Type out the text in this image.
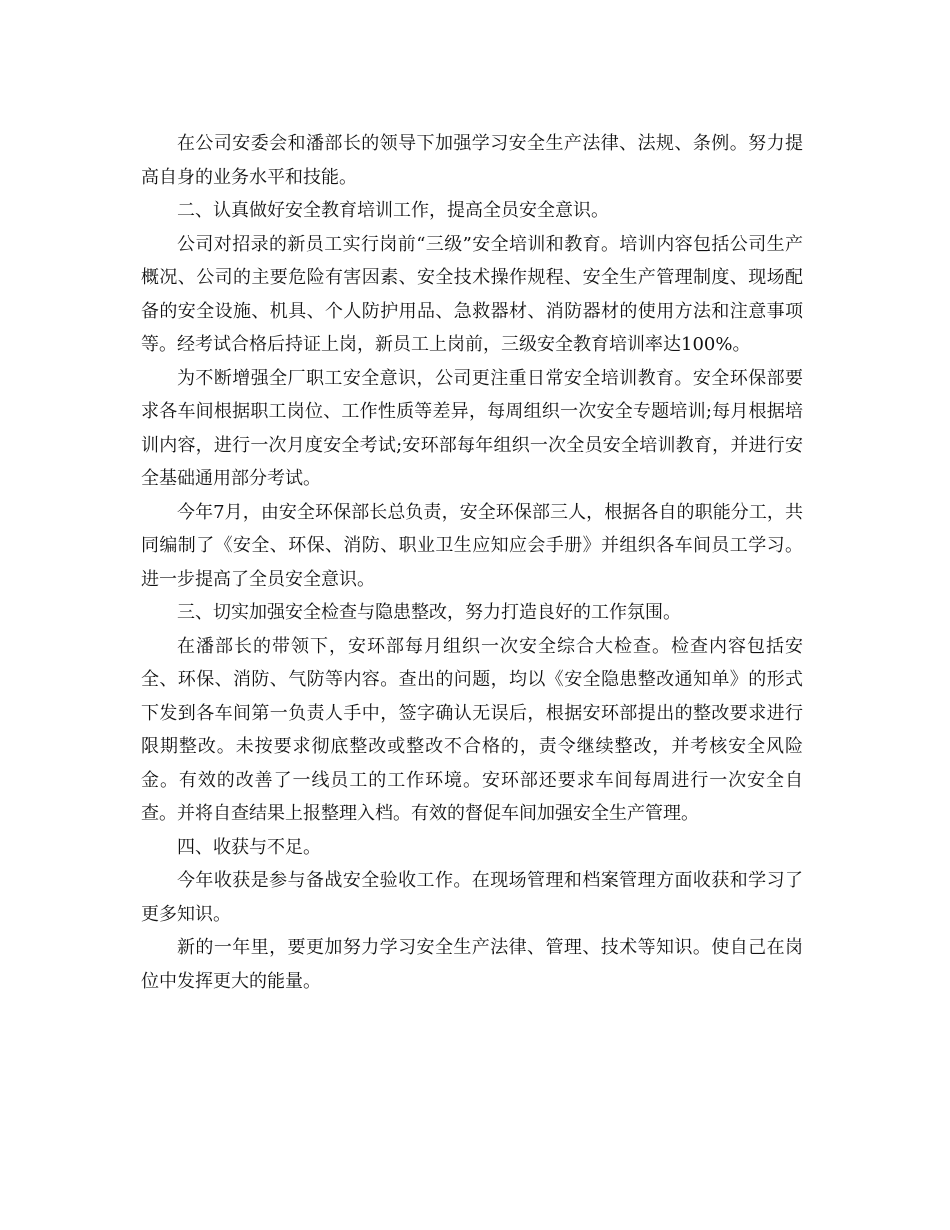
在公司安委会和潘部长的领导下加强学习安全生产法律、法规、条例。努力提高自身的业务水平和技能。

二、认真做好安全教育培训工作，提高全员安全意识。

公司对招录的新员工实行岗前“三级”安全培训和教育。培训内容包括公司生产概况、公司的主要危险有害因素、安全技术操作规程、安全生产管理制度、现场配备的安全设施、机具、个人防护用品、急救器材、消防器材的使用方法和注意事项等。经考试合格后持证上岗，新员工上岗前，三级安全教育培训率达100%。

为不断增强全厂职工安全意识，公司更注重日常安全培训教育。安全环保部要求各车间根据职工岗位、工作性质等差异，每周组织一次安全专题培训;每月根据培训内容，进行一次月度安全考试;安环部每年组织一次全员安全培训教育，并进行安全基础通用部分考试。

今年7月，由安全环保部长总负责，安全环保部三人，根据各自的职能分工，共同编制了《安全、环保、消防、职业卫生应知应会手册》并组织各车间员工学习。进一步提高了全员安全意识。

三、切实加强安全检查与隐患整改，努力打造良好的工作氛围。

在潘部长的带领下，安环部每月组织一次安全综合大检查。检查内容包括安全、环保、消防、气防等内容。查出的问题，均以《安全隐患整改通知单》的形式下发到各车间第一负责人手中，签字确认无误后，根据安环部提出的整改要求进行限期整改。未按要求彻底整改或整改不合格的，责令继续整改，并考核安全风险金。有效的改善了一线员工的工作环境。安环部还要求车间每周进行一次安全自查。并将自查结果上报整理入档。有效的督促车间加强安全生产管理。

四、收获与不足。

今年收获是参与备战安全验收工作。在现场管理和档案管理方面收获和学习了更多知识。

新的一年里，要更加努力学习安全生产法律、管理、技术等知识。使自己在岗位中发挥更大的能量。
